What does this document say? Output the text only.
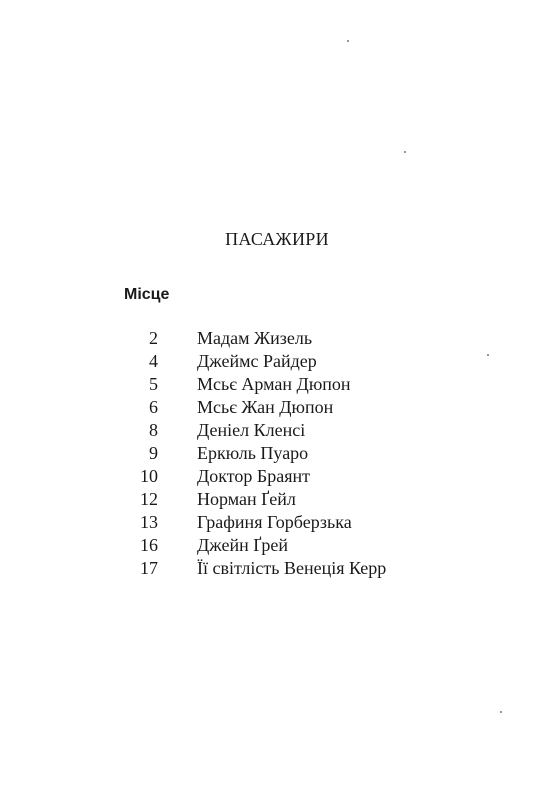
ПАСАЖИРИ
Місце
2 Мадам Жизель
4 Джеймс Райдер
5 Мсьє Арман Дюпон
6 Мсьє Жан Дюпон
8 Деніел Кленсі
9 Еркюль Пуаро
10 Доктор Браянт
12 Норман Ґейл
13 Графиня Горберзька
16 Джейн Ґрей
17 Її світлість Венеція Керр
